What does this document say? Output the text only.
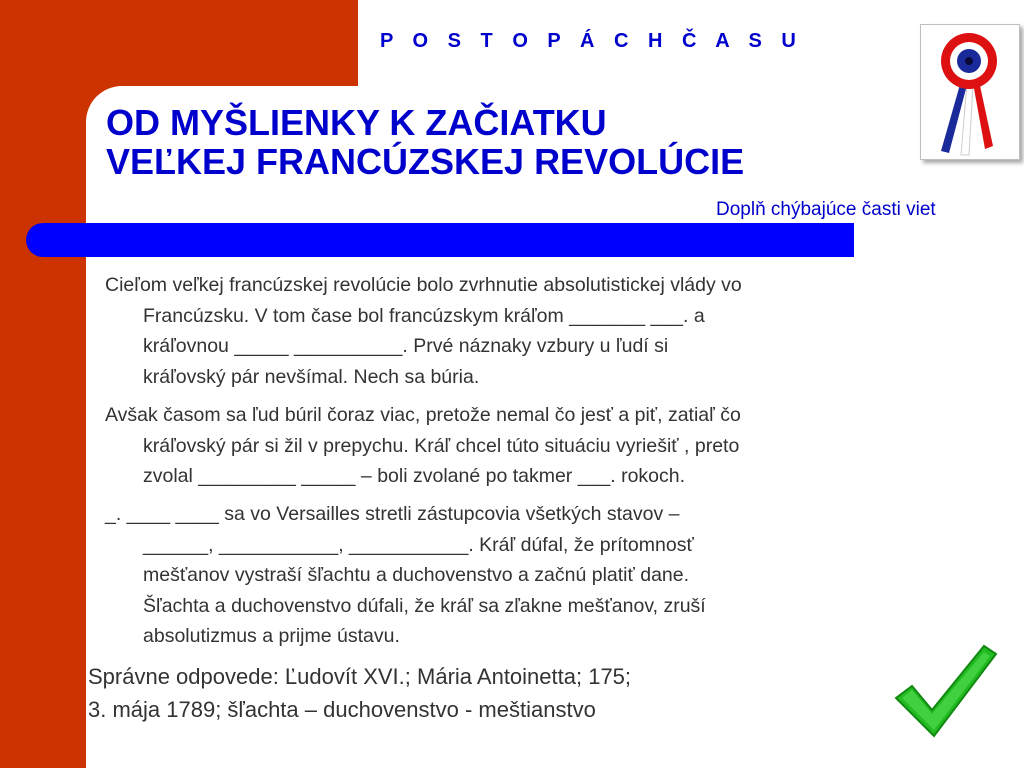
P O S T O P Á C H Č A S U
OD MYŠLIENKY K ZAČIATKU
VEĽKEJ FRANCÚZSKEJ REVOLÚCIE
Doplň chýbajúce časti viet
Cieľom veľkej francúzskej revolúcie bolo zvrhnutie absolutistickej vlády vo
Francúzsku. V tom čase bol francúzskym kráľom _______ ___. a
kráľovnou _____ __________. Prvé náznaky vzbury u ľudí si
kráľovský pár nevšímal. Nech sa búria.
Avšak časom sa ľud búril čoraz viac, pretože nemal čo jesť a piť, zatiaľ čo
kráľovský pár si žil v prepychu. Kráľ chcel túto situáciu vyriešiť , preto
zvolal _________ _____ – boli zvolané po takmer ___. rokoch.
_. ____ ____ sa vo Versailles stretli zástupcovia všetkých stavov –
______, ___________, ___________. Kráľ dúfal, že prítomnosť
mešťanov vystraší šľachtu a duchovenstvo a začnú platiť dane.
Šľachta a duchovenstvo dúfali, že kráľ sa zľakne mešťanov, zruší
absolutizmus a prijme ústavu.
Správne odpovede: Ľudovít XVI.; Mária Antoinetta; 175;
3. mája 1789; šľachta – duchovenstvo - meštianstvo
